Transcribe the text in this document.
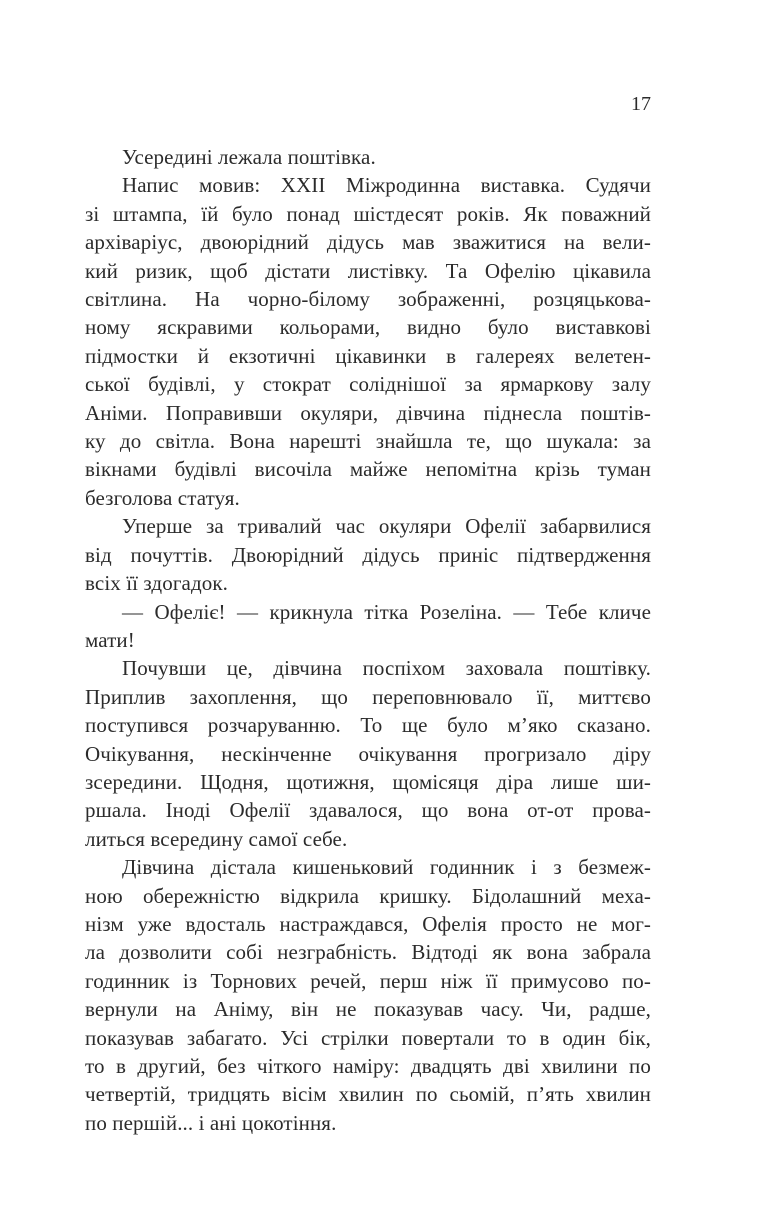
17
Усередині лежала поштівка.
Напис мовив: XXII Міжродинна виставка. Судячи
зі штампа, їй було понад шістдесят років. Як поважний
архіваріус, двоюрідний дідусь мав зважитися на вели-
кий ризик, щоб дістати листівку. Та Офелію цікавила
світлина. На чорно-білому зображенні, розцяцькова-
ному яскравими кольорами, видно було виставкові
підмостки й екзотичні цікавинки в галереях велетен-
ської будівлі, у стократ соліднішої за ярмаркову залу
Аніми. Поправивши окуляри, дівчина піднесла поштів-
ку до світла. Вона нарешті знайшла те, що шукала: за
вікнами будівлі височіла майже непомітна крізь туман
безголова статуя.
Уперше за тривалий час окуляри Офелії забарвилися
від почуттів. Двоюрідний дідусь приніс підтвердження
всіх її здогадок.
— Офеліє! — крикнула тітка Розеліна. — Тебе кличе
мати!
Почувши це, дівчина поспіхом заховала поштівку.
Приплив захоплення, що переповнювало її, миттєво
поступився розчаруванню. То ще було м’яко сказано.
Очікування, нескінченне очікування прогризало діру
зсередини. Щодня, щотижня, щомісяця діра лише ши-
ршала. Іноді Офелії здавалося, що вона от-от прова-
литься всередину самої себе.
Дівчина дістала кишеньковий годинник і з безмеж-
ною обережністю відкрила кришку. Бідолашний меха-
нізм уже вдосталь настраждався, Офелія просто не мог-
ла дозволити собі незграбність. Відтоді як вона забрала
годинник із Торнових речей, перш ніж її примусово по-
вернули на Аніму, він не показував часу. Чи, радше,
показував забагато. Усі стрілки повертали то в один бік,
то в другий, без чіткого наміру: двадцять дві хвилини по
четвертій, тридцять вісім хвилин по сьомій, п’ять хвилин
по першій... і ані цокотіння.
